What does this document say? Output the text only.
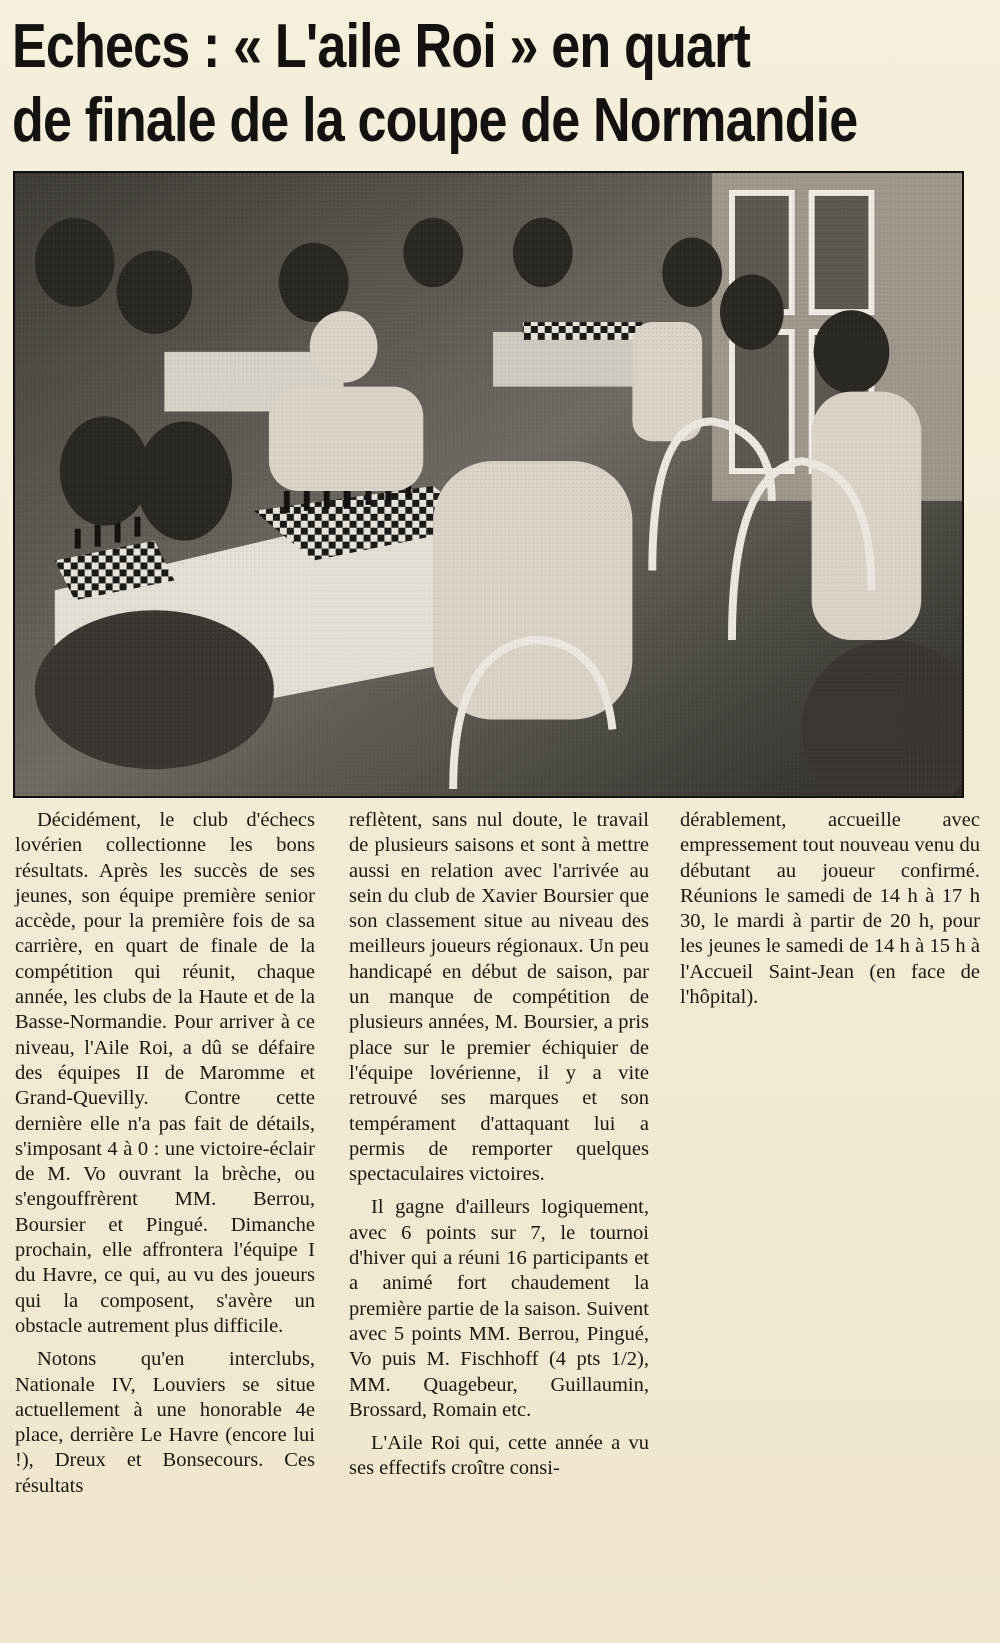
Echecs : « L'aile Roi » en quart
de finale de la coupe de Normandie

Décidément, le club d'échecs lovérien collectionne les bons résultats. Après les succès de ses jeunes, son équipe première senior accède, pour la première fois de sa carrière, en quart de finale de la compétition qui réunit, chaque année, les clubs de la Haute et de la Basse-Normandie. Pour arriver à ce niveau, l'Aile Roi, a dû se défaire des équipes II de Maromme et Grand-Quevilly. Contre cette dernière elle n'a pas fait de détails, s'imposant 4 à 0 : une victoire-éclair de M. Vo ouvrant la brèche, ou s'engouffrèrent MM. Berrou, Boursier et Pingué. Dimanche prochain, elle affrontera l'équipe I du Havre, ce qui, au vu des joueurs qui la composent, s'avère un obstacle autrement plus difficile.

Notons qu'en interclubs, Nationale IV, Louviers se situe actuellement à une honorable 4e place, derrière Le Havre (encore lui !), Dreux et Bonsecours. Ces résultats

reflètent, sans nul doute, le travail de plusieurs saisons et sont à mettre aussi en relation avec l'arrivée au sein du club de Xavier Boursier que son classement situe au niveau des meilleurs joueurs régionaux. Un peu handicapé en début de saison, par un manque de compétition de plusieurs années, M. Boursier, a pris place sur le premier échiquier de l'équipe lovérienne, il y a vite retrouvé ses marques et son tempérament d'attaquant lui a permis de remporter quelques spectaculaires victoires.

Il gagne d'ailleurs logiquement, avec 6 points sur 7, le tournoi d'hiver qui a réuni 16 participants et a animé fort chaudement la première partie de la saison. Suivent avec 5 points MM. Berrou, Pingué, Vo puis M. Fischhoff (4 pts 1/2), MM. Quagebeur, Guillaumin, Brossard, Romain etc.

L'Aile Roi qui, cette année a vu ses effectifs croître consi-

dérablement, accueille avec empressement tout nouveau venu du débutant au joueur confirmé. Réunions le samedi de 14 h à 17 h 30, le mardi à partir de 20 h, pour les jeunes le samedi de 14 h à 15 h à l'Accueil Saint-Jean (en face de l'hôpital).
